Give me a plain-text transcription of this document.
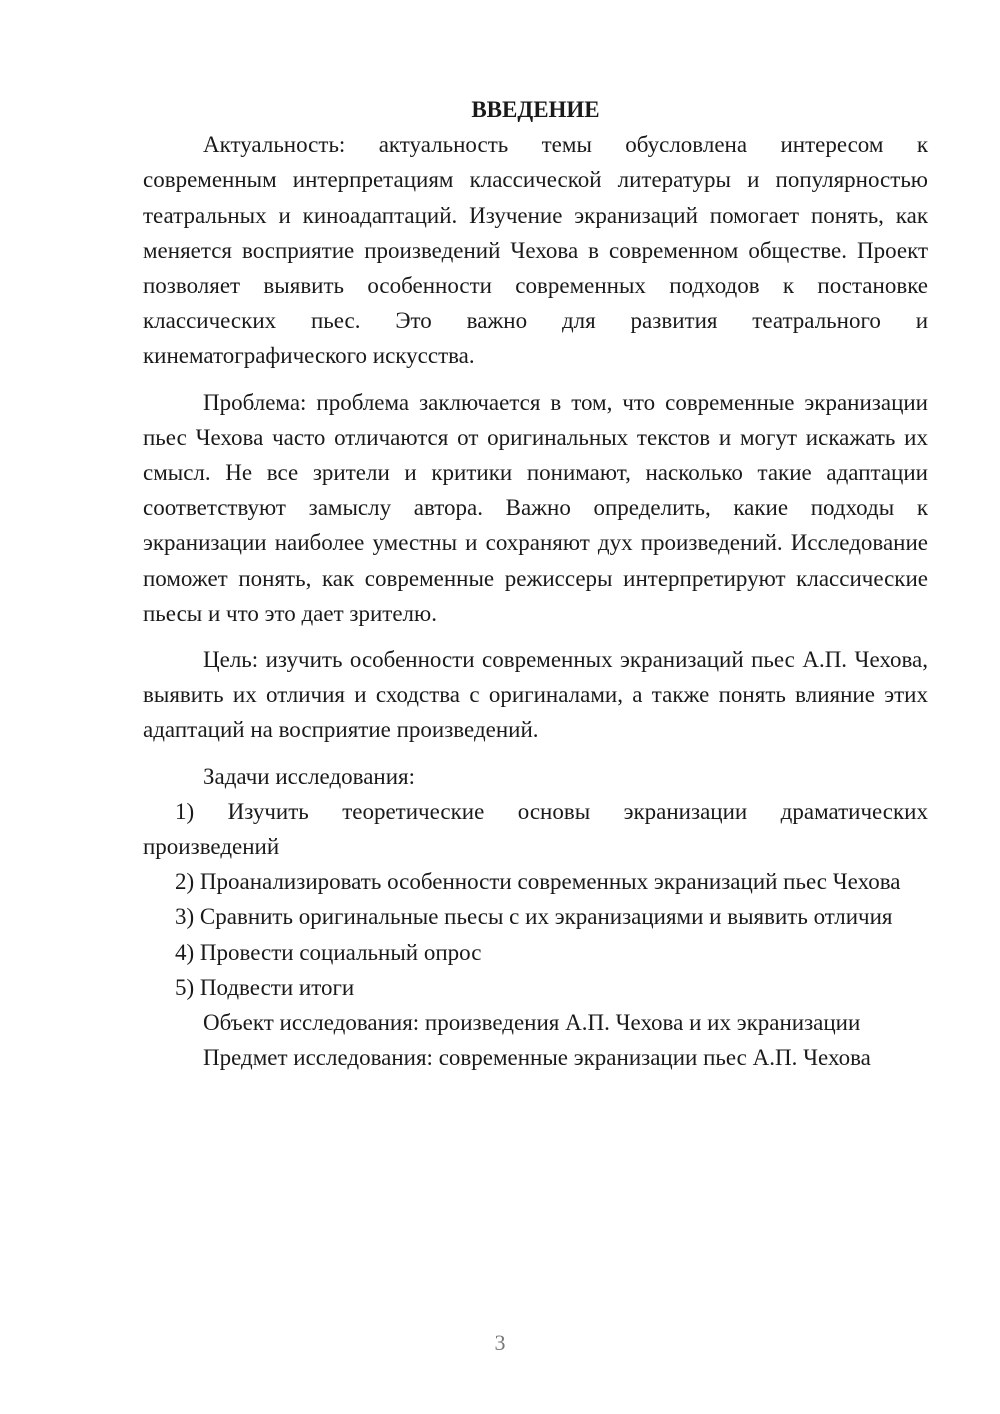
ВВЕДЕНИЕ

Актуальность: актуальность темы обусловлена интересом к современным интерпретациям классической литературы и популярностью театральных и киноадаптаций. Изучение экранизаций помогает понять, как меняется восприятие произведений Чехова в современном обществе. Проект позволяет выявить особенности современных подходов к постановке классических пьес. Это важно для развития театрального и кинематографического искусства.

Проблема: проблема заключается в том, что современные экранизации пьес Чехова часто отличаются от оригинальных текстов и могут искажать их смысл. Не все зрители и критики понимают, насколько такие адаптации соответствуют замыслу автора. Важно определить, какие подходы к экранизации наиболее уместны и сохраняют дух произведений. Исследование поможет понять, как современные режиссеры интерпретируют классические пьесы и что это дает зрителю.

Цель: изучить особенности современных экранизаций пьес А.П. Чехова, выявить их отличия и сходства с оригиналами, а также понять влияние этих адаптаций на восприятие произведений.

Задачи исследования:

1) Изучить теоретические основы экранизации драматических произведений

2) Проанализировать особенности современных экранизаций пьес Чехова

3) Сравнить оригинальные пьесы с их экранизациями и выявить отличия

4) Провести социальный опрос

5) Подвести итоги

Объект исследования: произведения А.П. Чехова и их экранизации

Предмет исследования: современные экранизации пьес А.П. Чехова

3
